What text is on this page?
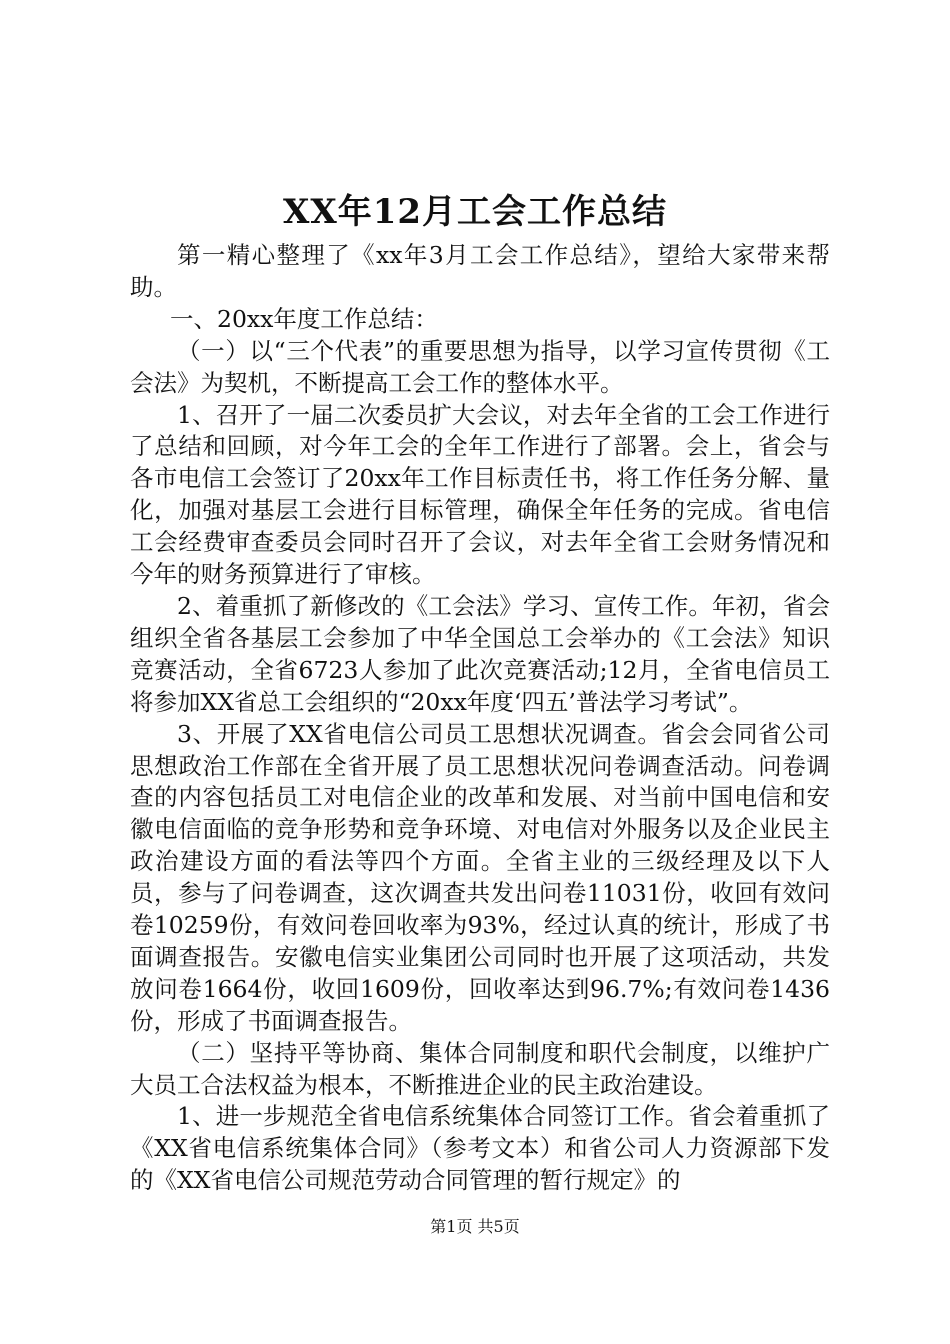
XX年12月工会工作总结

第一精心整理了《xx年3月工会工作总结》，望给大家带来帮助。

一、20xx年度工作总结：

（一）以“三个代表”的重要思想为指导，以学习宣传贯彻《工会法》为契机，不断提高工会工作的整体水平。

1、召开了一届二次委员扩大会议，对去年全省的工会工作进行了总结和回顾，对今年工会的全年工作进行了部署。会上，省会与各市电信工会签订了20xx年工作目标责任书，将工作任务分解、量化，加强对基层工会进行目标管理，确保全年任务的完成。省电信工会经费审查委员会同时召开了会议，对去年全省工会财务情况和今年的财务预算进行了审核。

2、着重抓了新修改的《工会法》学习、宣传工作。年初，省会组织全省各基层工会参加了中华全国总工会举办的《工会法》知识竞赛活动，全省6723人参加了此次竞赛活动;12月，全省电信员工将参加XX省总工会组织的“20xx年度‘四五’普法学习考试”。

3、开展了XX省电信公司员工思想状况调查。省会会同省公司思想政治工作部在全省开展了员工思想状况问卷调查活动。问卷调查的内容包括员工对电信企业的改革和发展、对当前中国电信和安徽电信面临的竞争形势和竞争环境、对电信对外服务以及企业民主政治建设方面的看法等四个方面。全省主业的三级经理及以下人员，参与了问卷调查，这次调查共发出问卷11031份，收回有效问卷10259份，有效问卷回收率为93%，经过认真的统计，形成了书面调查报告。安徽电信实业集团公司同时也开展了这项活动，共发放问卷1664份，收回1609份，回收率达到96.7%;有效问卷1436份，形成了书面调查报告。

（二）坚持平等协商、集体合同制度和职代会制度，以维护广大员工合法权益为根本，不断推进企业的民主政治建设。

1、进一步规范全省电信系统集体合同签订工作。省会着重抓了《XX省电信系统集体合同》（参考文本）和省公司人力资源部下发的《XX省电信公司规范劳动合同管理的暂行规定》的

第1页 共5页
